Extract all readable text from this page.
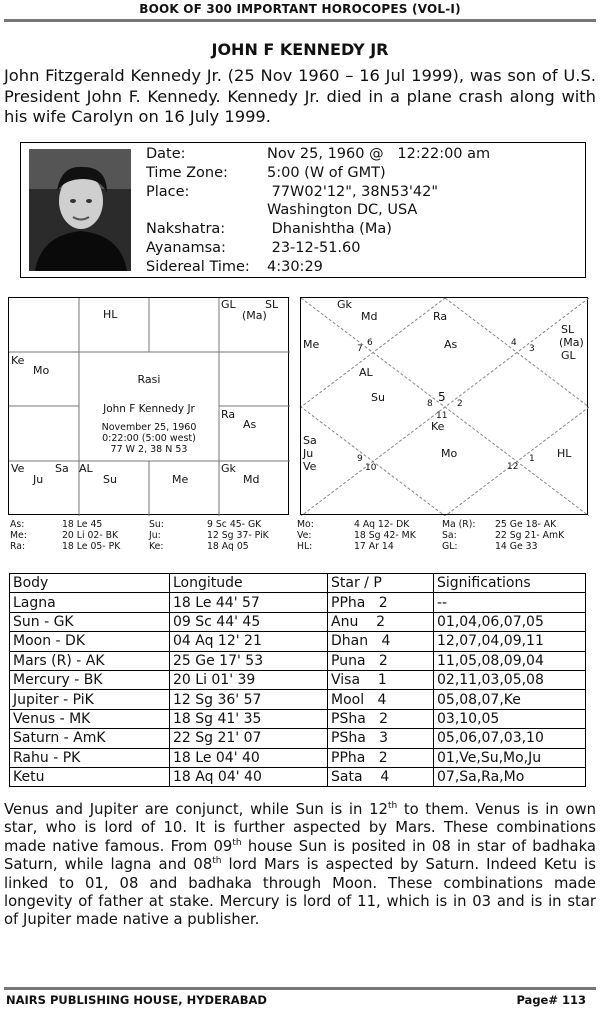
BOOK OF 300 IMPORTANT HOROCOPES (VOL-I)
JOHN F KENNEDY JR
John Fitzgerald Kennedy Jr. (25 Nov 1960 – 16 Jul 1999), was son of U.S. President John F. Kennedy. Kennedy Jr. died in a plane crash along with his wife Carolyn on 16 July 1999.
Date:	Nov 25, 1960 @   12:22:00 am
Time Zone:	5:00 (W of GMT)
Place:	77W02'12", 38N53'42"
Washington DC, USA
Nakshatra:	Dhanishtha (Ma)
Ayanamsa:	23-12-51.60
Sidereal Time:	4:30:29
HL
GL	SL
(Ma)
Ke
Mo
Ra
As
Ve	Sa AL
Ju	Su	Me
Gk
Md
Rasi
John F Kennedy Jr
November 25, 1960
0:22:00 (5:00 west)
77 W 2, 38 N 53
Gk
Md	Ra
Me	7
6	As	4
3
SL
(Ma)
GL
AL
Su	8 5 2
11
Ke
Sa
Ju
Ve
9
10
Mo
12
1 HL
As:	18 Le 45	Su:	9 Sc 45- GK	Mo:	4 Aq 12- DK	Ma (R):	25 Ge 18- AK
Me:	20 Li 02- BK	Ju:	12 Sg 37- PiK	Ve:	18 Sg 42- MK	Sa:	22 Sg 21- AmK
Ra:	18 Le 05- PK	Ke:	18 Aq 05	HL:	17 Ar 14	GL:	14 Ge 33
Body	Longitude	Star / P	Significations
Lagna	18 Le 44' 57	PPha   2	--
Sun - GK	09 Sc 44' 45	Anu    2	01,04,06,07,05
Moon - DK	04 Aq 12' 21	Dhan   4	12,07,04,09,11
Mars (R) - AK	25 Ge 17' 53	Puna   2	11,05,08,09,04
Mercury - BK	20 Li 01' 39	Visa    1	02,11,03,05,08
Jupiter - PiK	12 Sg 36' 57	Mool   4	05,08,07,Ke
Venus - MK	18 Sg 41' 35	PSha   2	03,10,05
Saturn - AmK	22 Sg 21' 07	PSha   3	05,06,07,03,10
Rahu - PK	18 Le 04' 40	PPha   2	01,Ve,Su,Mo,Ju
Ketu	18 Aq 04' 40	Sata    4	07,Sa,Ra,Mo
Venus and Jupiter are conjunct, while Sun is in 12th to them. Venus is in own star, who is lord of 10. It is further aspected by Mars. These combinations made native famous. From 09th house Sun is posited in 08 in star of badhaka Saturn, while lagna and 08th lord Mars is aspected by Saturn. Indeed Ketu is linked to 01, 08 and badhaka through Moon. These combinations made longevity of father at stake. Mercury is lord of 11, which is in 03 and is in star of Jupiter made native a publisher.
NAIRS PUBLISHING HOUSE, HYDERABAD	Page# 113
